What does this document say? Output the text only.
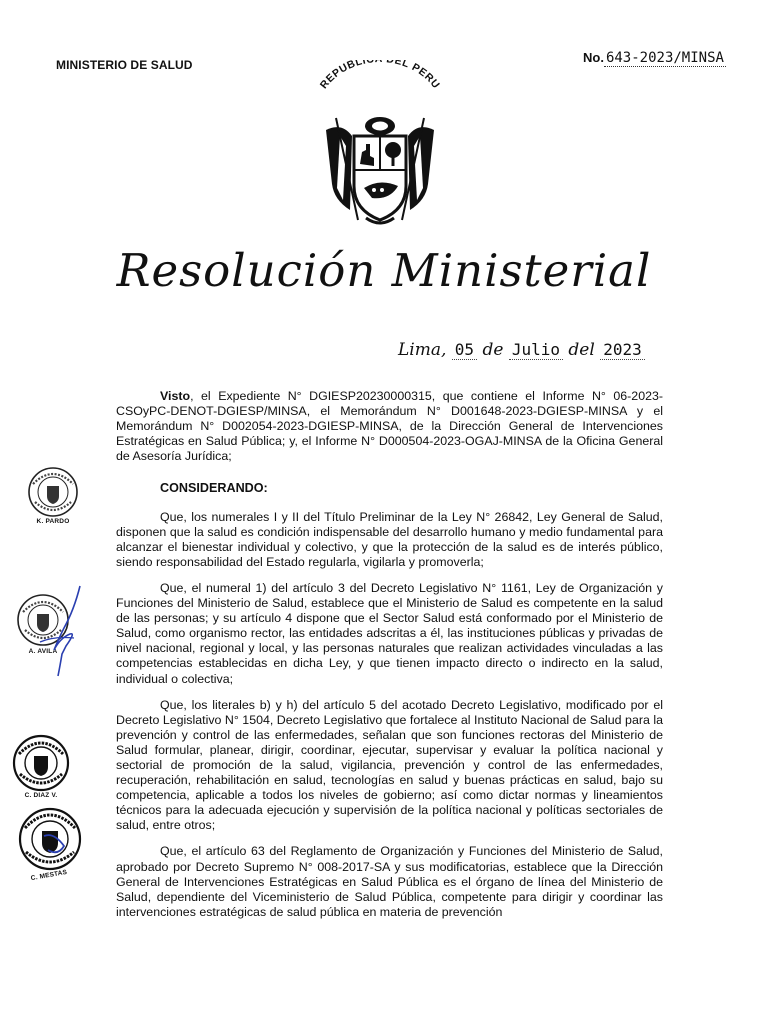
MINISTERIO DE SALUD	No. 643-2023/MINSA
REPUBLI EL PERU
Resolución Ministerial
Lima, 05 de Julio del 2023

Visto, el Expediente N° DGIESP20230000315, que contiene el Informe N° 06-2023-CSOyPC-DENOT-DGIESP/MINSA, el Memorándum N° D001648-2023-DGIESP-MINSA y el Memorándum N° D002054-2023-DGIESP-MINSA, de la Dirección General de Intervenciones Estratégicas en Salud Pública; y, el Informe N° D000504-2023-OGAJ-MINSA de la Oficina General de Asesoría Jurídica;

CONSIDERANDO:

Que, los numerales I y II del Título Preliminar de la Ley N° 26842, Ley General de Salud, disponen que la salud es condición indispensable del desarrollo humano y medio fundamental para alcanzar el bienestar individual y colectivo, y que la protección de la salud es de interés público, siendo responsabilidad del Estado regularla, vigilarla y promoverla;

Que, el numeral 1) del artículo 3 del Decreto Legislativo N° 1161, Ley de Organización y Funciones del Ministerio de Salud, establece que el Ministerio de Salud es competente en la salud de las personas; y su artículo 4 dispone que el Sector Salud está conformado por el Ministerio de Salud, como organismo rector, las entidades adscritas a él, las instituciones públicas y privadas de nivel nacional, regional y local, y las personas naturales que realizan actividades vinculadas a las competencias establecidas en dicha Ley, y que tienen impacto directo o indirecto en la salud, individual o colectiva;

Que, los literales b) y h) del artículo 5 del acotado Decreto Legislativo, modificado por el Decreto Legislativo N° 1504, Decreto Legislativo que fortalece al Instituto Nacional de Salud para la prevención y control de las enfermedades, señalan que son funciones rectoras del Ministerio de Salud formular, planear, dirigir, coordinar, ejecutar, supervisar y evaluar la política nacional y sectorial de promoción de la salud, vigilancia, prevención y control de las enfermedades, recuperación, rehabilitación en salud, tecnologías en salud y buenas prácticas en salud, bajo su competencia, aplicable a todos los niveles de gobierno; así como dictar normas y lineamientos técnicos para la adecuada ejecución y supervisión de la política nacional y políticas sectoriales de salud, entre otros;

Que, el artículo 63 del Reglamento de Organización y Funciones del Ministerio de Salud, aprobado por Decreto Supremo N° 008-2017-SA y sus modificatorias, establece que la Dirección General de Intervenciones Estratégicas en Salud Pública es el órgano de línea del Ministerio de Salud, dependiente del Viceministerio de Salud Pública, competente para dirigir y coordinar las intervenciones estratégicas de salud pública en materia de prevención

K. PARDO
A. AVILA
C. DIAZ V.
C. MESTAS
